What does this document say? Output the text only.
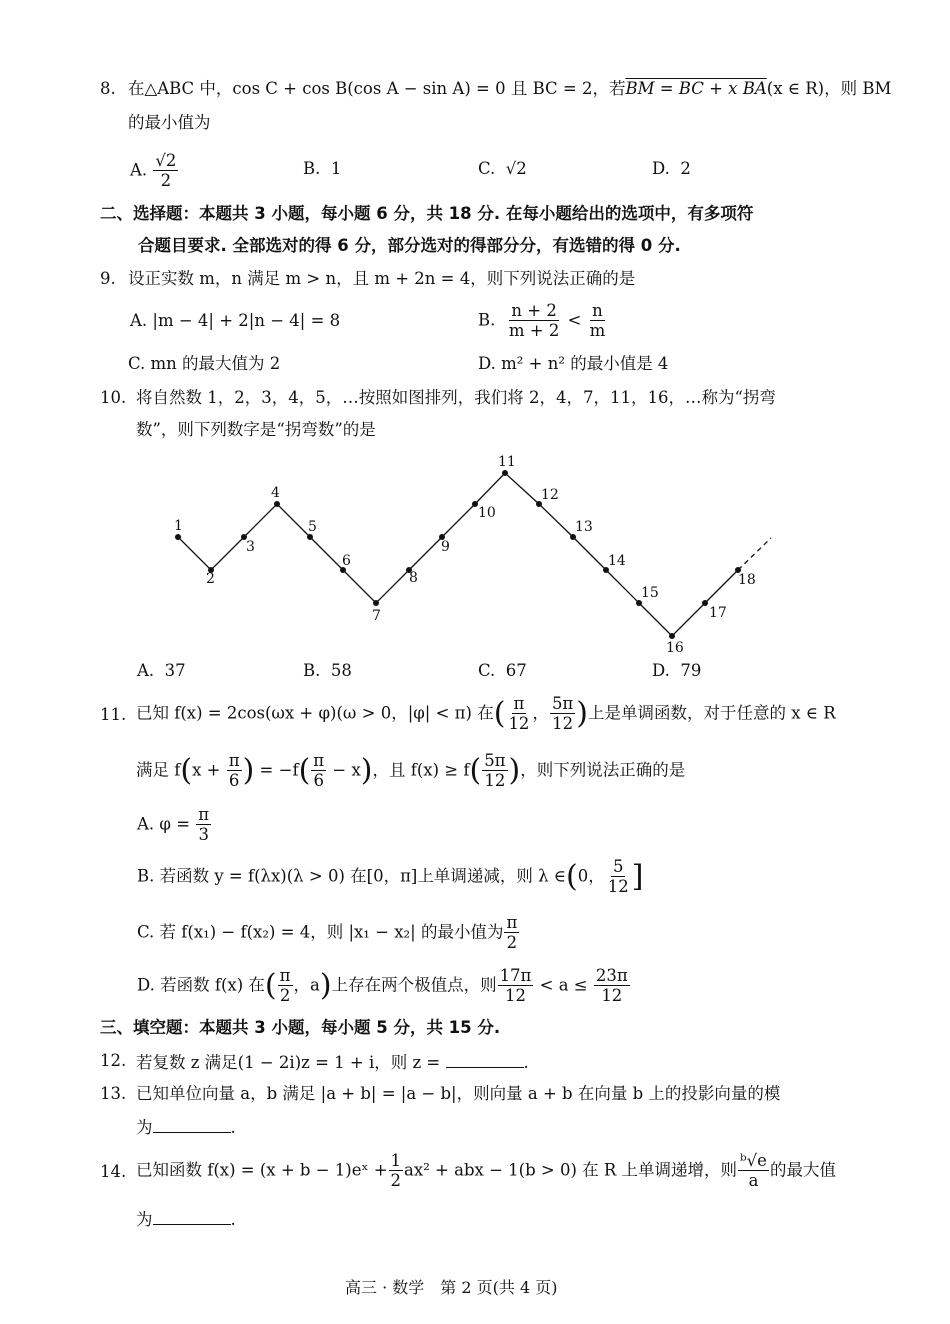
8. 在△ABC 中，cos C + cos B(cos A − sin A) = 0 且 BC = 2，若BM = BC + x BA(x ∈ R)，则 BM
的最小值为
A. $\frac{√2}{2}$	B. 1	C. √2	D. 2
二、选择题：本题共 3 小题，每小题 6 分，共 18 分. 在每小题给出的选项中，有多项符
合题目要求. 全部选对的得 6 分，部分选对的得部分分，有选错的得 0 分.
9. 设正实数 m，n 满足 m > n，且 m + 2n = 4，则下列说法正确的是
A. |m − 4| + 2|n − 4| = 8	B. $\frac{n + 2}{m + 2} < \frac{n}{m}$
C. mn 的最大值为 2	D. m² + n² 的最小值是 4
10. 将自然数 1，2，3，4，5，…按照如图排列，我们将 2，4，7，11，16，…称为“拐弯
数”，则下列数字是“拐弯数”的是
1
2
3
4
5
6
7
8
9
10
11
12
13
14
15
16
17
18
A. 37	B. 58	C. 67	D. 79
11. 已知 f(x) = 2cos(ωx + φ)(ω > 0，|φ| < π) 在( $\frac{\pi}{12}$ ， $\frac{5\pi}{12}$ )上是单调函数，对于任意的 x ∈ R
满足 $f(x + \frac{\pi}{6}$ ) = $-f( \frac{\pi}{6} - x)$，且 $f(x) \ge f( \frac{5\pi}{12}$ )，则下列说法正确的是
A. $\varphi = \frac{\pi}{3}$
B. 若函数 y = f(λx)(λ > 0) 在[0，π]上单调递减，则 λ ∈(0， $\frac{5}{12}$ ]
C. 若 f(x₁) − f(x₂) = 4，则 |x₁ − x₂| 的最小值为 $\frac{\pi}{2}$
D. 若函数 f(x) 在( $\frac{\pi}{2}$ ，a)上存在两个极值点，则 $\frac{17\pi}{12} < a \le \frac{23\pi}{12}$
三、填空题：本题共 3 小题，每小题 5 分，共 15 分.
12. 若复数 z 满足(1 − 2i)z = 1 + i，则 z =	.
13. 已知单位向量 a，b 满足 |a + b| = |a − b|，则向量 a + b 在向量 b 上的投影向量的模
为	.
14. 已知函数 f(x) = (x + b − 1)eˣ + $\frac{1}{2} ax^2$ + abx − 1(b > 0) 在 R 上单调递增，则 $\frac{\text{ᵇ√e}}{a}$ 的最大值
为	.
高三 · 数学　第 2 页(共 4 页)
